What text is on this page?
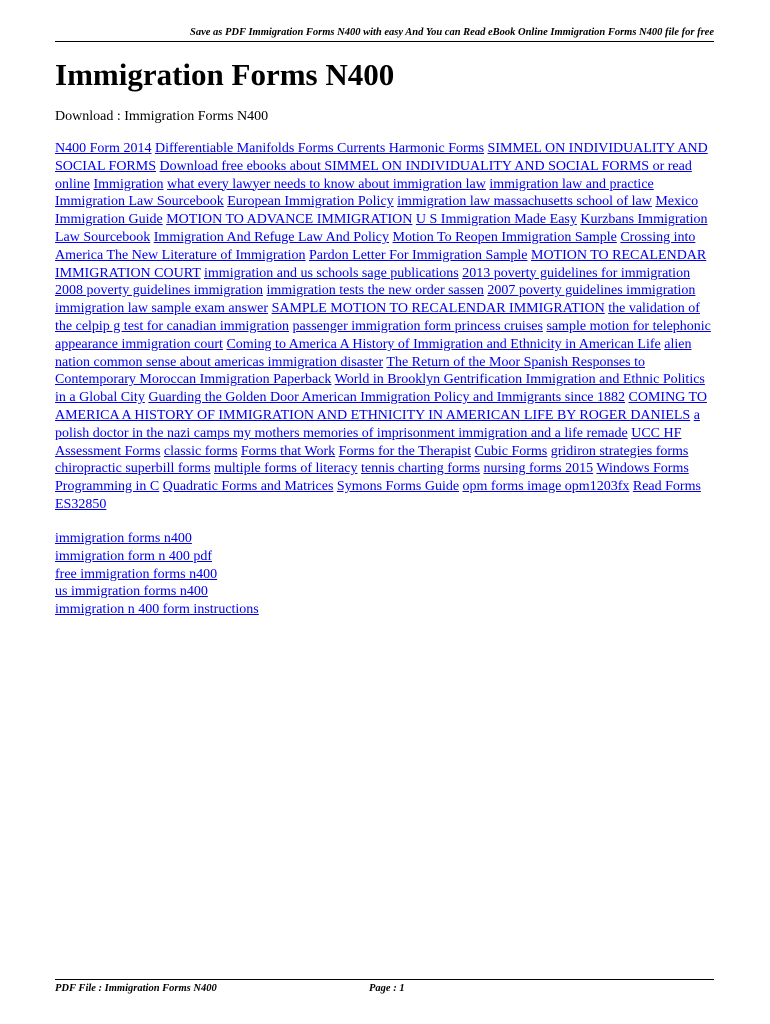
Save as PDF Immigration Forms N400 with easy And You can Read eBook Online Immigration Forms N400 file for free
Immigration Forms N400
Download : Immigration Forms N400
N400 Form 2014 Differentiable Manifolds Forms Currents Harmonic Forms SIMMEL ON INDIVIDUALITY AND SOCIAL FORMS Download free ebooks about SIMMEL ON INDIVIDUALITY AND SOCIAL FORMS or read online Immigration what every lawyer needs to know about immigration law immigration law and practice Immigration Law Sourcebook European Immigration Policy immigration law massachusetts school of law Mexico Immigration Guide MOTION TO ADVANCE IMMIGRATION U S Immigration Made Easy Kurzbans Immigration Law Sourcebook Immigration And Refuge Law And Policy Motion To Reopen Immigration Sample Crossing into America The New Literature of Immigration Pardon Letter For Immigration Sample MOTION TO RECALENDAR IMMIGRATION COURT immigration and us schools sage publications 2013 poverty guidelines for immigration 2008 poverty guidelines immigration immigration tests the new order sassen 2007 poverty guidelines immigration immigration law sample exam answer SAMPLE MOTION TO RECALENDAR IMMIGRATION the validation of the celpip g test for canadian immigration passenger immigration form princess cruises sample motion for telephonic appearance immigration court Coming to America A History of Immigration and Ethnicity in American Life alien nation common sense about americas immigration disaster The Return of the Moor Spanish Responses to Contemporary Moroccan Immigration Paperback World in Brooklyn Gentrification Immigration and Ethnic Politics in a Global City Guarding the Golden Door American Immigration Policy and Immigrants since 1882 COMING TO AMERICA A HISTORY OF IMMIGRATION AND ETHNICITY IN AMERICAN LIFE BY ROGER DANIELS a polish doctor in the nazi camps my mothers memories of imprisonment immigration and a life remade UCC HF Assessment Forms classic forms Forms that Work Forms for the Therapist Cubic Forms gridiron strategies forms chiropractic superbill forms multiple forms of literacy tennis charting forms nursing forms 2015 Windows Forms Programming in C Quadratic Forms and Matrices Symons Forms Guide opm forms image opm1203fx Read Forms ES32850
immigration forms n400
immigration form n 400 pdf
free immigration forms n400
us immigration forms n400
immigration n 400 form instructions
PDF File : Immigration Forms N400	Page : 1
